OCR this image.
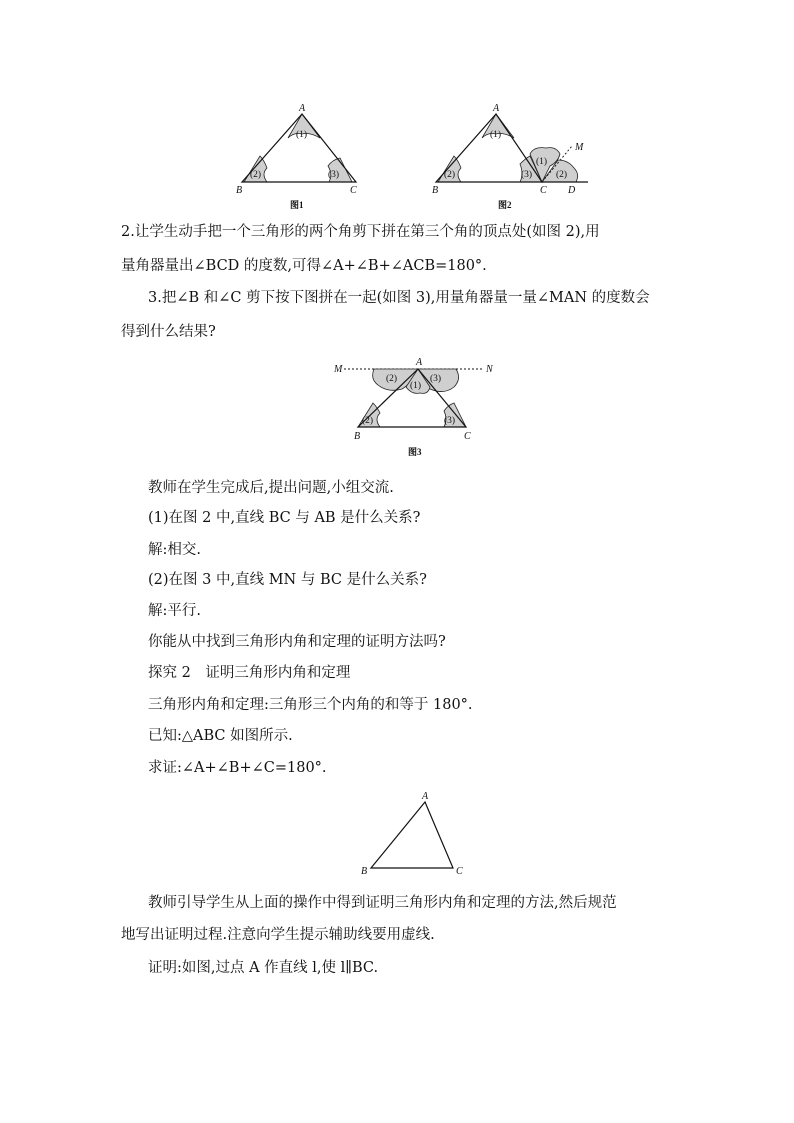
(1)
(2)	(3)
A
B	C
图1
(1)
(2)	(3)
(1)
(2)
A
B	C D
M
图2

2.让学生动手把一个三角形的两个角剪下拼在第三个角的顶点处(如图 2),用

量角器量出∠BCD 的度数,可得∠A+∠B+∠ACB=180°.

3.把∠B 和∠C 剪下按下图拼在一起(如图 3),用量角器量一量∠MAN 的度数会

得到什么结果?

(2)	(3)
(1)
(2)	(3)
A
M	N
B	C
图3

教师在学生完成后,提出问题,小组交流.

(1)在图 2 中,直线 BC 与 AB 是什么关系?

解:相交.

(2)在图 3 中,直线 MN 与 BC 是什么关系?

解:平行.

你能从中找到三角形内角和定理的证明方法吗?

探究 2　证明三角形内角和定理

三角形内角和定理:三角形三个内角的和等于 180°.

已知:△ABC 如图所示.

求证:∠A+∠B+∠C=180°.

A
B	C

教师引导学生从上面的操作中得到证明三角形内角和定理的方法,然后规范

地写出证明过程.注意向学生提示辅助线要用虚线.

证明:如图,过点 A 作直线 l,使 l∥BC.
